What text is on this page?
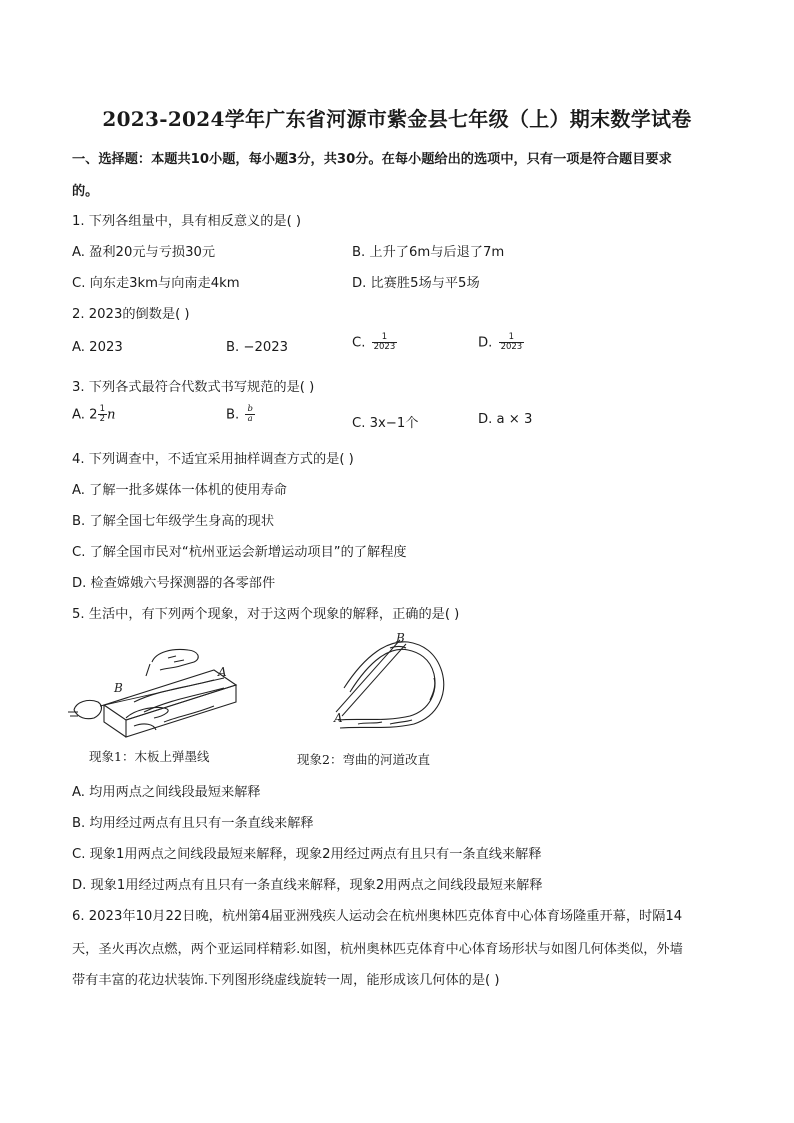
2023-2024学年广东省河源市紫金县七年级（上）期末数学试卷
一、选择题：本题共10小题，每小题3分，共30分。在每小题给出的选项中，只有一项是符合题目要求
的。
1. 下列各组量中，具有相反意义的是( )
A. 盈利20元与亏损30元	B. 上升了6m与后退了7m
C. 向东走3km与向南走4km	D. 比赛胜5场与平5场
2. 2023的倒数是( )
A. 2023	B. −2023	C. $\frac{1}{2023}$	D. $\frac{1}{2023}$
3. 下列各式最符合代数式书写规范的是( )
A. $2 \frac{1}{2}$ n	B. $\frac{b}{a}$	C. 3x−1个	D. a × 3
4. 下列调查中，不适宜采用抽样调查方式的是( )
A. 了解一批多媒体一体机的使用寿命
B. 了解全国七年级学生身高的现状
C. 了解全国市民对“杭州亚运会新增运动项目”的了解程度
D. 检查嫦娥六号探测器的各零部件
5. 生活中，有下列两个现象，对于这两个现象的解释，正确的是( )
B
A
A
B
现象1：木板上弹墨线	现象2：弯曲的河道改直
A. 均用两点之间线段最短来解释
B. 均用经过两点有且只有一条直线来解释
C. 现象1用两点之间线段最短来解释，现象2用经过两点有且只有一条直线来解释
D. 现象1用经过两点有且只有一条直线来解释，现象2用两点之间线段最短来解释
6. 2023年10月22日晚，杭州第4届亚洲残疾人运动会在杭州奥林匹克体育中心体育场隆重开幕，时隔14
天，圣火再次点燃，两个亚运同样精彩.如图，杭州奥林匹克体育中心体育场形状与如图几何体类似，外墙
带有丰富的花边状装饰.下列图形绕虚线旋转一周，能形成该几何体的是( )
